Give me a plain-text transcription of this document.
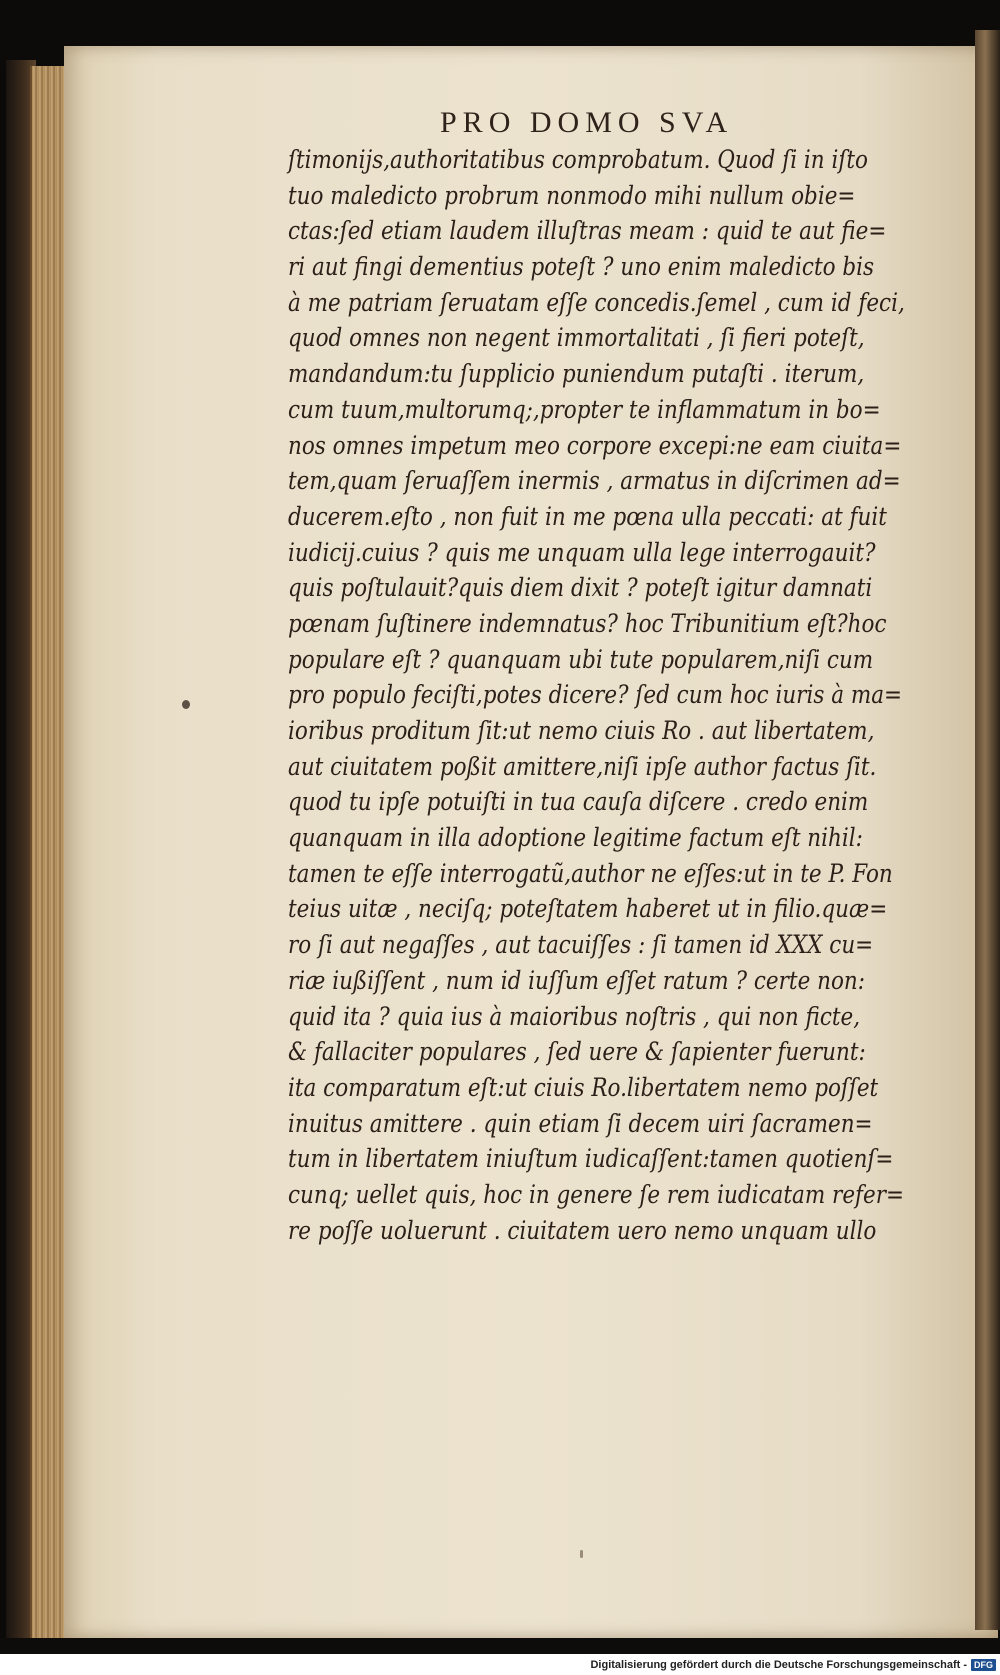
PRO DOMO SVA
ſtimonijs,authoritatibus comprobatum. Quod ſi in iſto
tuo maledicto probrum nonmodo mihi nullum obie=
ctas:ſed etiam laudem illuſtras meam : quid te aut fie=
ri aut fingi dementius poteſt ? uno enim maledicto bis
à me patriam ſeruatam eſſe concedis.ſemel , cum id feci,
quod omnes non negent immortalitati , ſi fieri poteſt,
mandandum:tu ſupplicio puniendum putaſti . iterum,
cum tuum,multorumq;,propter te inflammatum in bo=
nos omnes impetum meo corpore excepi:ne eam ciuita=
tem,quam ſeruaſſem inermis , armatus in diſcrimen ad=
ducerem.eſto , non fuit in me pœna ulla peccati: at fuit
iudicij.cuius ? quis me unquam ulla lege interrogauit?
quis poſtulauit?quis diem dixit ? poteſt igitur damnati
pœnam ſuſtinere indemnatus? hoc Tribunitium eſt?hoc
populare eſt ? quanquam ubi tute popularem,niſi cum
pro populo feciſti,potes dicere? ſed cum hoc iuris à ma=
ioribus proditum ſit:ut nemo ciuis Ro . aut libertatem,
aut ciuitatem poßit amittere,niſi ipſe author factus ſit.
quod tu ipſe potuiſti in tua cauſa diſcere . credo enim
quanquam in illa adoptione legitime factum eſt nihil:
tamen te eſſe interrogatũ,author ne eſſes:ut in te P. Fon
teius uitæ , neciſq; poteſtatem haberet ut in filio.quæ=
ro ſi aut negaſſes , aut tacuiſſes : ſi tamen id XXX cu=
riæ iußiſſent , num id iuſſum eſſet ratum ? certe non:
quid ita ? quia ius à maioribus noſtris , qui non ficte,
& fallaciter populares , ſed uere & ſapienter fuerunt:
ita comparatum eſt:ut ciuis Ro.libertatem nemo poſſet
inuitus amittere . quin etiam ſi decem uiri ſacramen=
tum in libertatem iniuſtum iudicaſſent:tamen quotienſ=
cunq; uellet quis, hoc in genere ſe rem iudicatam refer=
re poſſe uoluerunt . ciuitatem uero nemo unquam ullo
Digitalisierung gefördert durch die Deutsche Forschungsgemeinschaft - DFG
